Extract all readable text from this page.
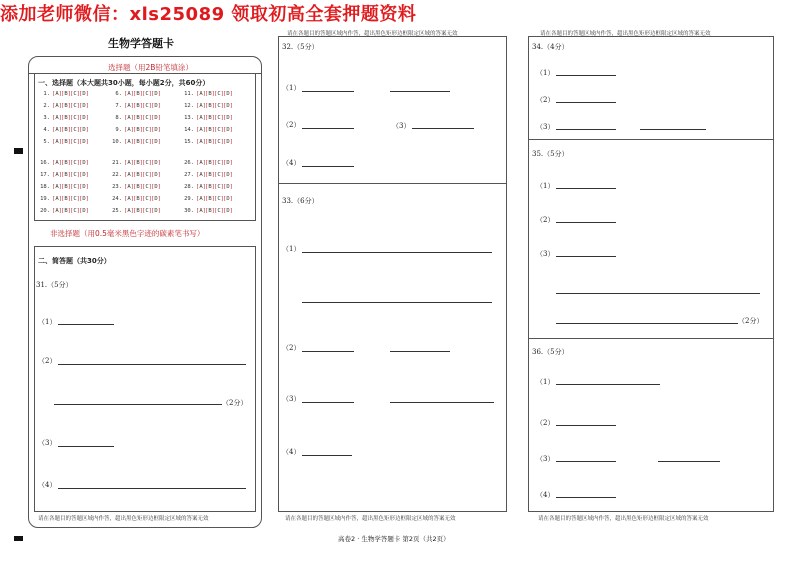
添加老师微信：xls25089 领取初高全套押题资料
生物学答题卡
选择题（用2B铅笔填涂）
一、选择题（本大题共30小题，每小题2分，共60分）
1. [A][B][C][D]	6. [A][B][C][D]	11. [A][B][C][D]
2. [A][B][C][D]	7. [A][B][C][D]	12. [A][B][C][D]
3. [A][B][C][D]	8. [A][B][C][D]	13. [A][B][C][D]
4. [A][B][C][D]	9. [A][B][C][D]	14. [A][B][C][D]
5. [A][B][C][D]	10. [A][B][C][D]	15. [A][B][C][D]
16. [A][B][C][D]	21. [A][B][C][D]	26. [A][B][C][D]
17. [A][B][C][D]	22. [A][B][C][D]	27. [A][B][C][D]
18. [A][B][C][D]	23. [A][B][C][D]	28. [A][B][C][D]
19. [A][B][C][D]	24. [A][B][C][D]	29. [A][B][C][D]
20. [A][B][C][D]	25. [A][B][C][D]	30. [A][B][C][D]
非选择题（用0.5毫米黑色字迹的碳素笔书写）
二、简答题（共30分）
31.（5分）
（1）
（2）
（2分）
（3）
（4）
请在各题目的答题区域内作答，超出黑色矩形边框限定区域的答案无效
请在各题目的答题区域内作答，超出黑色矩形边框限定区域的答案无效
32.（5分）
（1）
（2）	（3）
（4）
33.（6分）
（1）
（2）
（3）
（4）
请在各题目的答题区域内作答，超出黑色矩形边框限定区域的答案无效
请在各题目的答题区域内作答，超出黑色矩形边框限定区域的答案无效
34.（4分）
（1）
（2）
（3）
35.（5分）
（1）
（2）
（3）
（2分）
36.（5分）
（1）
（2）
（3）
（4）
请在各题目的答题区域内作答，超出黑色矩形边框限定区域的答案无效
高卷2 · 生物学答题卡 第2页（共2页）
